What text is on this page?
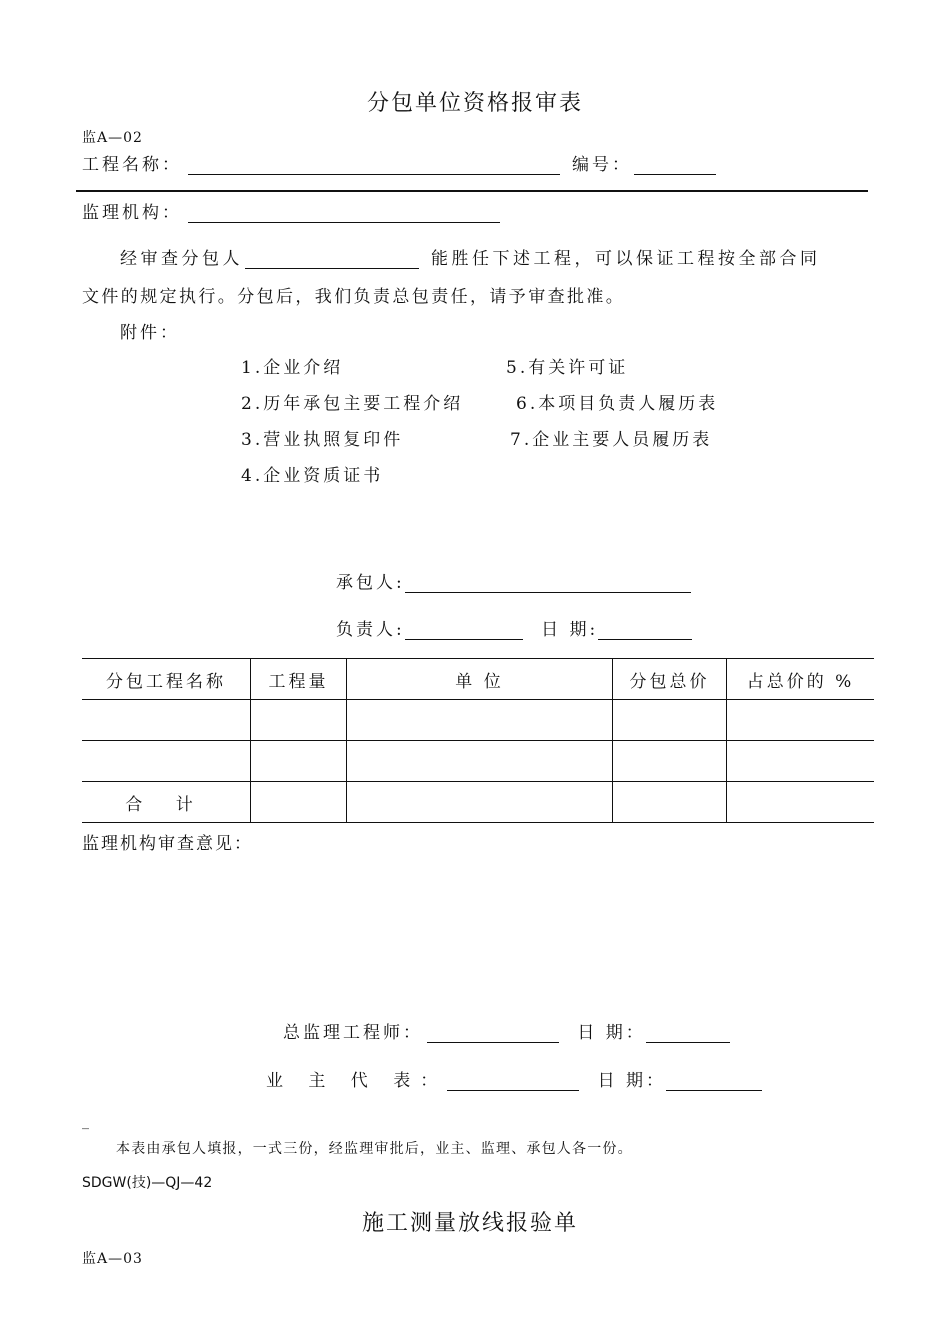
分包单位资格报审表
监A—02
工程名称：	编号：
监理机构：
经审查分包人	能胜任下述工程，可以保证工程按全部合同
文件的规定执行。分包后，我们负责总包责任，请予审查批准。
附件：
1.企业介绍	5.有关许可证
2.历年承包主要工程介绍	6.本项目负责人履历表
3.营业执照复印件	7.企业主要人员履历表
4.企业资质证书
承包人:
负责人:	日 期:
分包工程名称	工程量	单 位	分包总价	占总价的 %

合 计				
监理机构审查意见：
总监理工程师：	日 期：
业 主 代 表：	日 期：
_
本表由承包人填报，一式三份，经监理审批后，业主、监理、承包人各一份。
SDGW(技)—QJ—42
施工测量放线报验单
监A—03
